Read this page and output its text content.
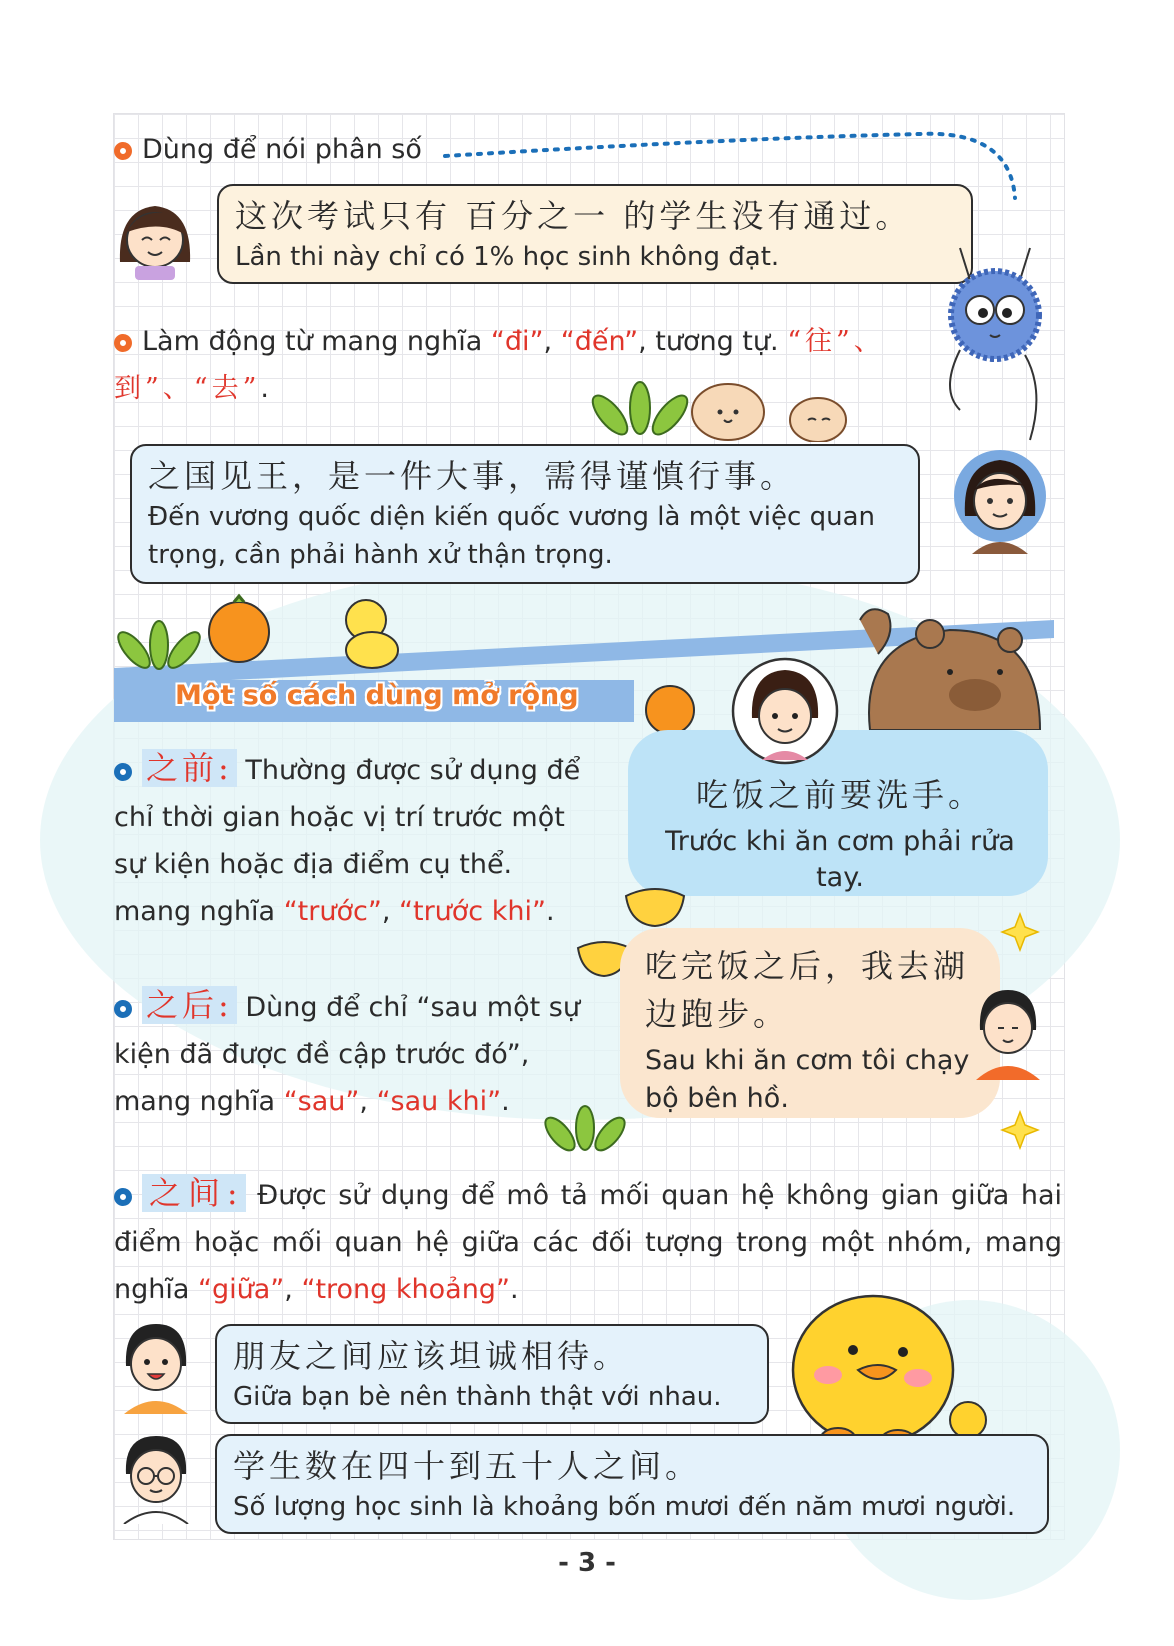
Dùng để nói phân số
这次考试只有 百分之一 的学生没有通过。
Lần thi này chỉ có 1% học sinh không đạt.
Làm động từ mang nghĩa “đi”, “đến”, tương tự. “往”、
到”、“去”.
之国见王，是一件大事，需得谨慎行事。
Đến vương quốc diện kiến quốc vương là một việc quan trọng, cần phải hành xử thận trọng.
Một số cách dùng mở rộng
之前: Thường được sử dụng để chỉ thời gian hoặc vị trí trước một sự kiện hoặc địa điểm cụ thể. mang nghĩa “trước”, “trước khi”.
吃饭之前要洗手。
Trước khi ăn cơm phải rửa tay.
之后: Dùng để chỉ “sau một sự kiện đã được đề cập trước đó”, mang nghĩa “sau”, “sau khi”.
吃完饭之后，我去湖边跑步。
Sau khi ăn cơm tôi chạy bộ bên hồ.
之间: Được sử dụng để mô tả mối quan hệ không gian giữa hai điểm hoặc mối quan hệ giữa các đối tượng trong một nhóm, mang nghĩa “giữa”, “trong khoảng”.
朋友之间应该坦诚相待。
Giữa bạn bè nên thành thật với nhau.
学生数在四十到五十人之间。
Số lượng học sinh là khoảng bốn mươi đến năm mươi người.
- 3 -
